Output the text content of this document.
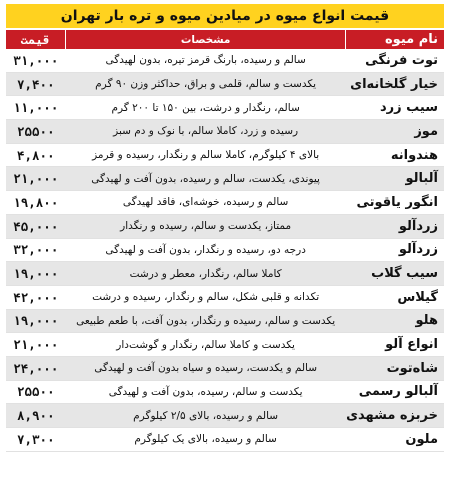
قیمت انواع میوه در میادین میوه و تره بار تهران
قیمت	مشخصات	نام میوه
۳۱,۰۰۰	سالم و رسیده، بارنگ قرمز تیره، بدون لهیدگی	توت فرنگی
۷,۴۰۰	یکدست و سالم، قلمی و براق، حداکثر وزن ۹۰ گرم	خیار گلخانه‌ای
۱۱,۰۰۰	سالم، رنگدار و درشت، بین ۱۵۰ تا ۲۰۰ گرم	سیب زرد
۲۵۵۰۰	رسیده و زرد، کاملا سالم، با نوک و دم سبز	موز
۴,۸۰۰	بالای ۴ کیلوگرم، کاملا سالم و رنگدار، رسیده و قرمز	هندوانه
۲۱,۰۰۰	پیوندی، یکدست، سالم و رسیده، بدون آفت و لهیدگی	آلبالو
۱۹,۸۰۰	سالم و رسیده، خوشه‌ای، فاقد لهیدگی	انگور یاقوتی
۴۵,۰۰۰	ممتاز، یکدست و سالم، رسیده و رنگدار	زردآلو
۳۲,۰۰۰	درجه دو، رسیده و رنگدار، بدون آفت و لهیدگی	زردآلو
۱۹,۰۰۰	کاملا سالم، رنگدار، معطر و درشت	سیب گلاب
۴۲,۰۰۰	تکدانه و قلبی شکل، سالم و رنگدار، رسیده و درشت	گیلاس
۱۹,۰۰۰	یکدست و سالم، رسیده و رنگدار، بدون آفت، با طعم طبیعی	هلو
۲۱,۰۰۰	یکدست و کاملا سالم، رنگدار و گوشت‌دار	انواع آلو
۲۴,۰۰۰	سالم و یکدست، رسیده و سیاه بدون آفت و لهیدگی	شاه‌توت
۲۵۵۰۰	یکدست و سالم، رسیده، بدون آفت و لهیدگی	آلبالو رسمی
۸,۹۰۰	سالم و رسیده، بالای ۲/۵ کیلوگرم	خربزه مشهدی
۷,۳۰۰	سالم و رسیده، بالای یک کیلوگرم	ملون
